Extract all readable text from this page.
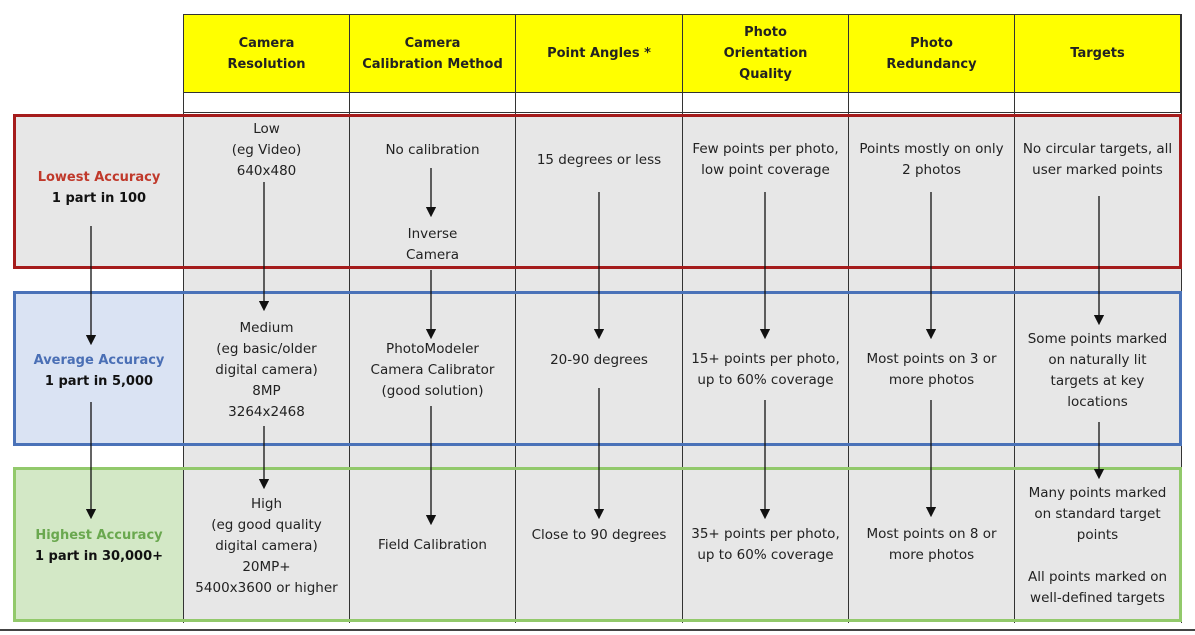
Camera
Resolution
Camera
Calibration Method
Point Angles *
Photo
Orientation
Quality
Photo
Redundancy
Targets
Lowest Accuracy
1 part in 100
Average Accuracy
1 part in 5,000
Highest Accuracy
1 part in 30,000+
Low
(eg Video)
640x480
No calibration
Inverse
Camera
15 degrees or less
Few points per photo,
low point coverage
Points mostly on only
2 photos
No circular targets, all
user marked points
Medium
(eg basic/older
digital camera)
8MP
3264x2468
PhotoModeler
Camera Calibrator
(good solution)
20-90 degrees	15+ points per photo,
up to 60% coverage
Most points on 3 or
more photos
Some points marked
on naturally lit
targets at key
locations
High
(eg good quality
digital camera)
20MP+
5400x3600 or higher
Field Calibration
Close to 90 degrees	35+ points per photo,
up to 60% coverage
Most points on 8 or
more photos
Many points marked
on standard target
points

All points marked on
well-defined targets
